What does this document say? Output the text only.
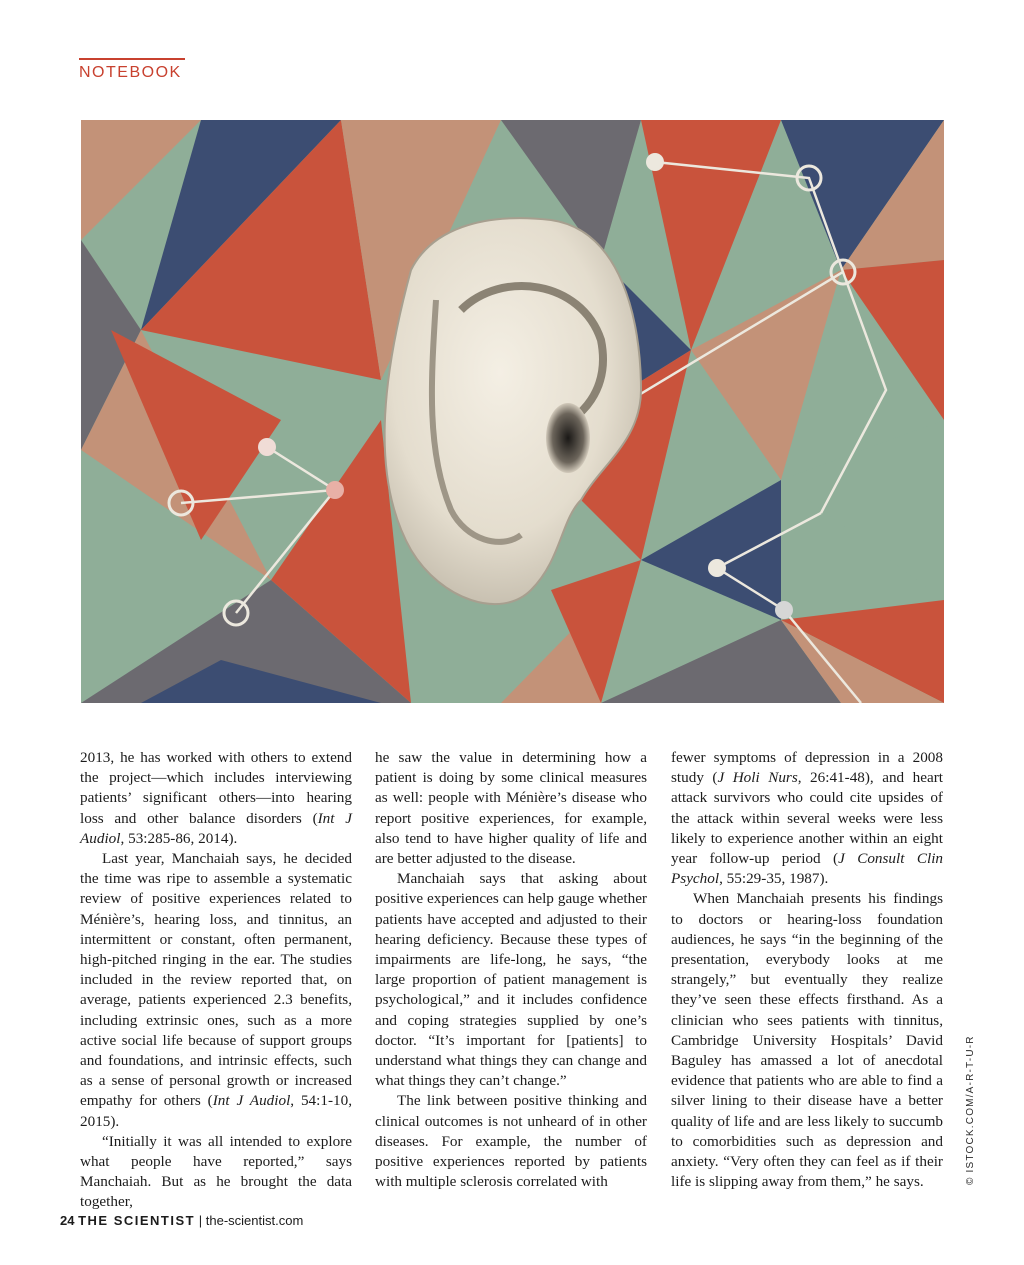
NOTEBOOK

2013, he has worked with others to extend the project—which includes interviewing patients’ significant others—into hearing loss and other balance disorders (Int J Audiol, 53:285-86, 2014).

Last year, Manchaiah says, he decided the time was ripe to assemble a systematic review of positive experiences related to Ménière’s, hearing loss, and tinnitus, an intermittent or constant, often permanent, high-pitched ringing in the ear. The studies included in the review reported that, on average, patients experienced 2.3 benefits, including extrinsic ones, such as a more active social life because of support groups and foundations, and intrinsic effects, such as a sense of personal growth or increased empathy for others (Int J Audiol, 54:1-10, 2015).

“Initially it was all intended to explore what people have reported,” says Manchaiah. But as he brought the data together,

he saw the value in determining how a patient is doing by some clinical measures as well: people with Ménière’s disease who report positive experiences, for example, also tend to have higher quality of life and are better adjusted to the disease.

Manchaiah says that asking about positive experiences can help gauge whether patients have accepted and adjusted to their hearing deficiency. Because these types of impairments are life-long, he says, “the large proportion of patient management is psychological,” and it includes confidence and coping strategies supplied by one’s doctor. “It’s important for [patients] to understand what things they can change and what things they can’t change.”

The link between positive thinking and clinical outcomes is not unheard of in other diseases. For example, the number of positive experiences reported by patients with multiple sclerosis correlated with

fewer symptoms of depression in a 2008 study (J Holi Nurs, 26:41-48), and heart attack survivors who could cite upsides of the attack within several weeks were less likely to experience another within an eight year follow-up period (J Consult Clin Psychol, 55:29-35, 1987).

When Manchaiah presents his findings to doctors or hearing-loss foundation audiences, he says “in the beginning of the presentation, everybody looks at me strangely,” but eventually they realize they’ve seen these effects firsthand. As a clinician who sees patients with tinnitus, Cambridge University Hospitals’ David Baguley has amassed a lot of anecdotal evidence that patients who are able to find a silver lining to their disease have a better quality of life and are less likely to succumb to comorbidities such as depression and anxiety. “Very often they can feel as if their life is slipping away from them,” he says.	© ISTOCK.COM/A-R-T-U-R
24 THE SCIENTIST | the-scientist.com
